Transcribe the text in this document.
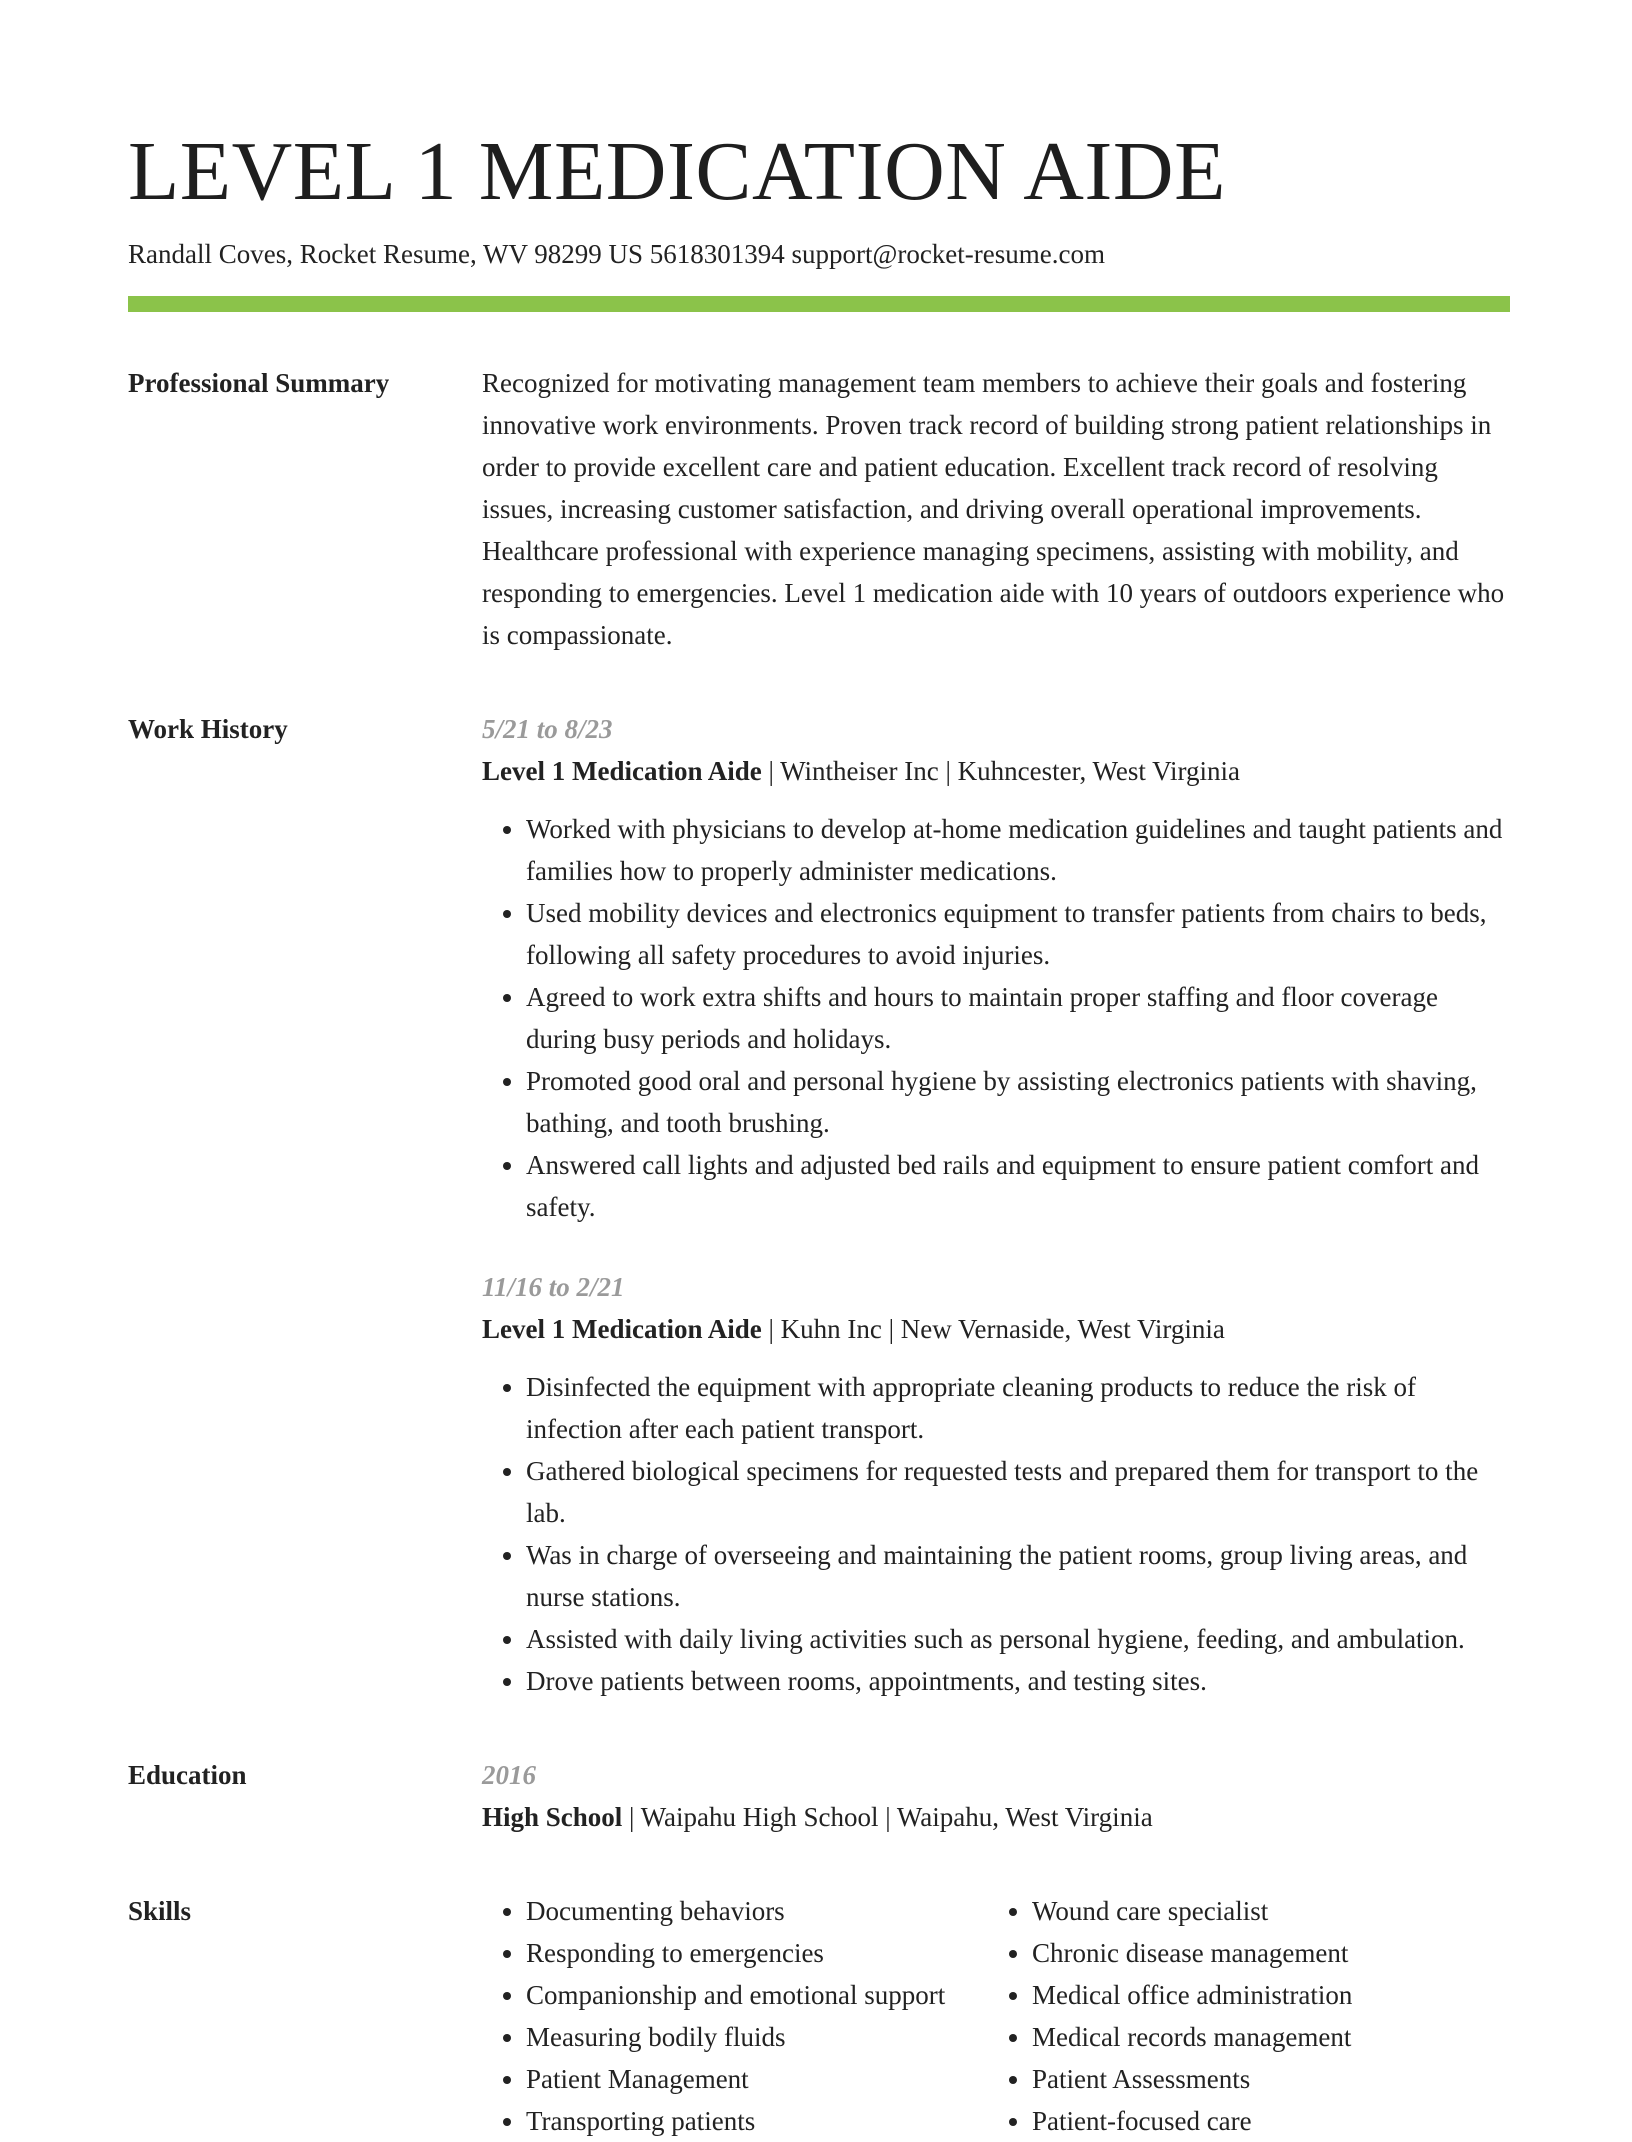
LEVEL 1 MEDICATION AIDE
Randall Coves, Rocket Resume, WV 98299 US 5618301394 support@rocket-resume.com
Professional Summary	Recognized for motivating management team members to achieve their goals and fostering innovative work environments. Proven track record of building strong patient relationships in order to provide excellent care and patient education. Excellent track record of resolving issues, increasing customer satisfaction, and driving overall operational improvements. Healthcare professional with experience managing specimens, assisting with mobility, and responding to emergencies. Level 1 medication aide with 10 years of outdoors experience who is compassionate.

Work History	5/21 to 8/23
Level 1 Medication Aide | Wintheiser Inc | Kuhncester, West Virginia
• Worked with physicians to develop at-home medication guidelines and taught patients and families how to properly administer medications.
• Used mobility devices and electronics equipment to transfer patients from chairs to beds, following all safety procedures to avoid injuries.
• Agreed to work extra shifts and hours to maintain proper staffing and floor coverage during busy periods and holidays.
• Promoted good oral and personal hygiene by assisting electronics patients with shaving, bathing, and tooth brushing.
• Answered call lights and adjusted bed rails and equipment to ensure patient comfort and safety.
11/16 to 2/21
Level 1 Medication Aide | Kuhn Inc | New Vernaside, West Virginia
• Disinfected the equipment with appropriate cleaning products to reduce the risk of infection after each patient transport.
• Gathered biological specimens for requested tests and prepared them for transport to the lab.
• Was in charge of overseeing and maintaining the patient rooms, group living areas, and nurse stations.
• Assisted with daily living activities such as personal hygiene, feeding, and ambulation.
• Drove patients between rooms, appointments, and testing sites.
Education	2016
High School | Waipahu High School | Waipahu, West Virginia
Skills
•	Documenting behaviors
• Responding to emergencies
• Companionship and emotional support
• Measuring bodily fluids
• Patient Management
• Transporting patients
• Wound care specialist
• Chronic disease management
• Medical office administration
• Medical records management
• Patient Assessments
• Patient-focused care
